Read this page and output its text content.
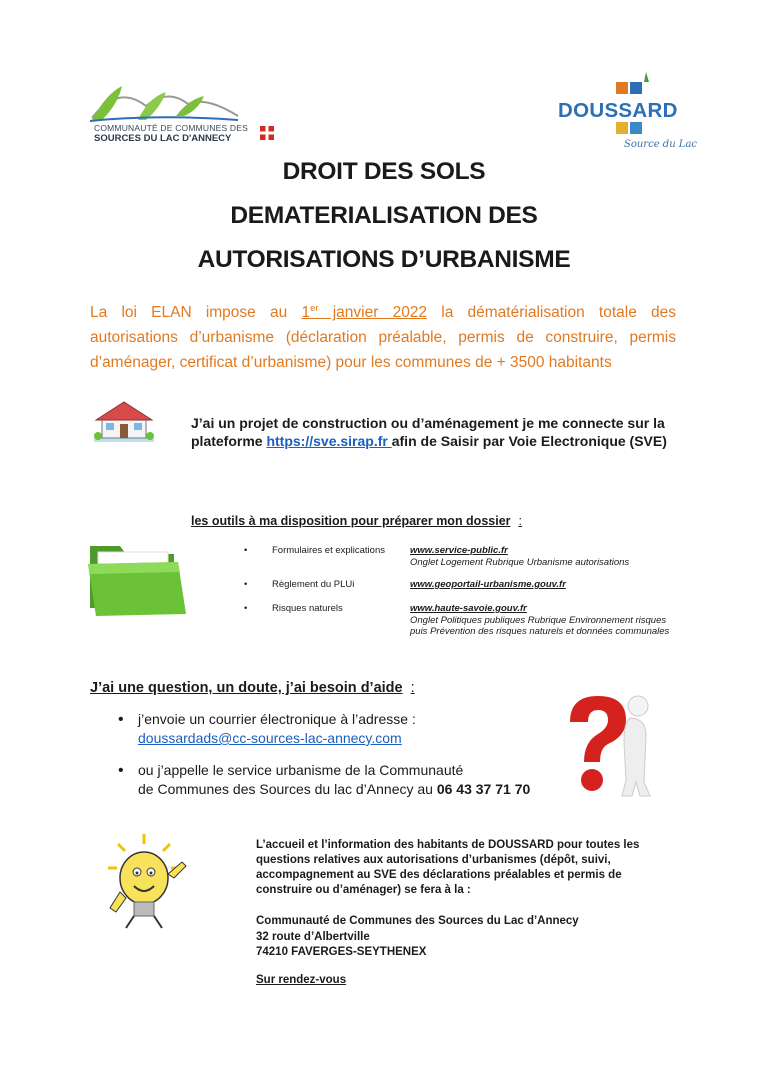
COMMUNAUTÉ DE COMMUNES DES
SOURCES DU LAC D'ANNECY
DOUSSARD
Source du Lac
DROIT DES SOLS
DEMATERIALISATION DES
AUTORISATIONS D’URBANISME
La loi ELAN impose au 1er janvier 2022 la dématérialisation totale des
autorisations d’urbanisme (déclaration préalable, permis de construire, permis
d’aménager, certificat d’urbanisme) pour les communes de + 3500 habitants
J’ai un projet de construction ou d’aménagement je me connecte sur la plateforme https://sve.sirap.fr afin de Saisir par Voie Electronique (SVE)
les outils à ma disposition pour préparer mon dossier :
•	Formulaires et explications	www.service-public.fr
Onglet Logement Rubrique Urbanisme autorisations
•	Règlement du PLUi	www.geoportail-urbanisme.gouv.fr
•	Risques naturels	www.haute-savoie.gouv.fr
Onglet Politiques publiques Rubrique Environnement risques puis Prévention des risques naturels et données communales
J’ai une question, un doute, j’ai besoin d’aide :
• j’envoie un courrier électronique à l’adresse :
doussardads@cc-sources-lac-annecy.com
• ou j’appelle le service urbanisme de la Communauté
de Communes des Sources du lac d’Annecy au 06 43 37 71 70
L’accueil et l’information des habitants de DOUSSARD pour toutes les questions relatives aux autorisations d’urbanismes (dépôt, suivi, accompagnement au SVE des déclarations préalables et permis de construire ou d’aménager) se fera à la :
Communauté de Communes des Sources du Lac d’Annecy
32 route d’Albertville
74210 FAVERGES-SEYTHENEX
Sur rendez-vous
